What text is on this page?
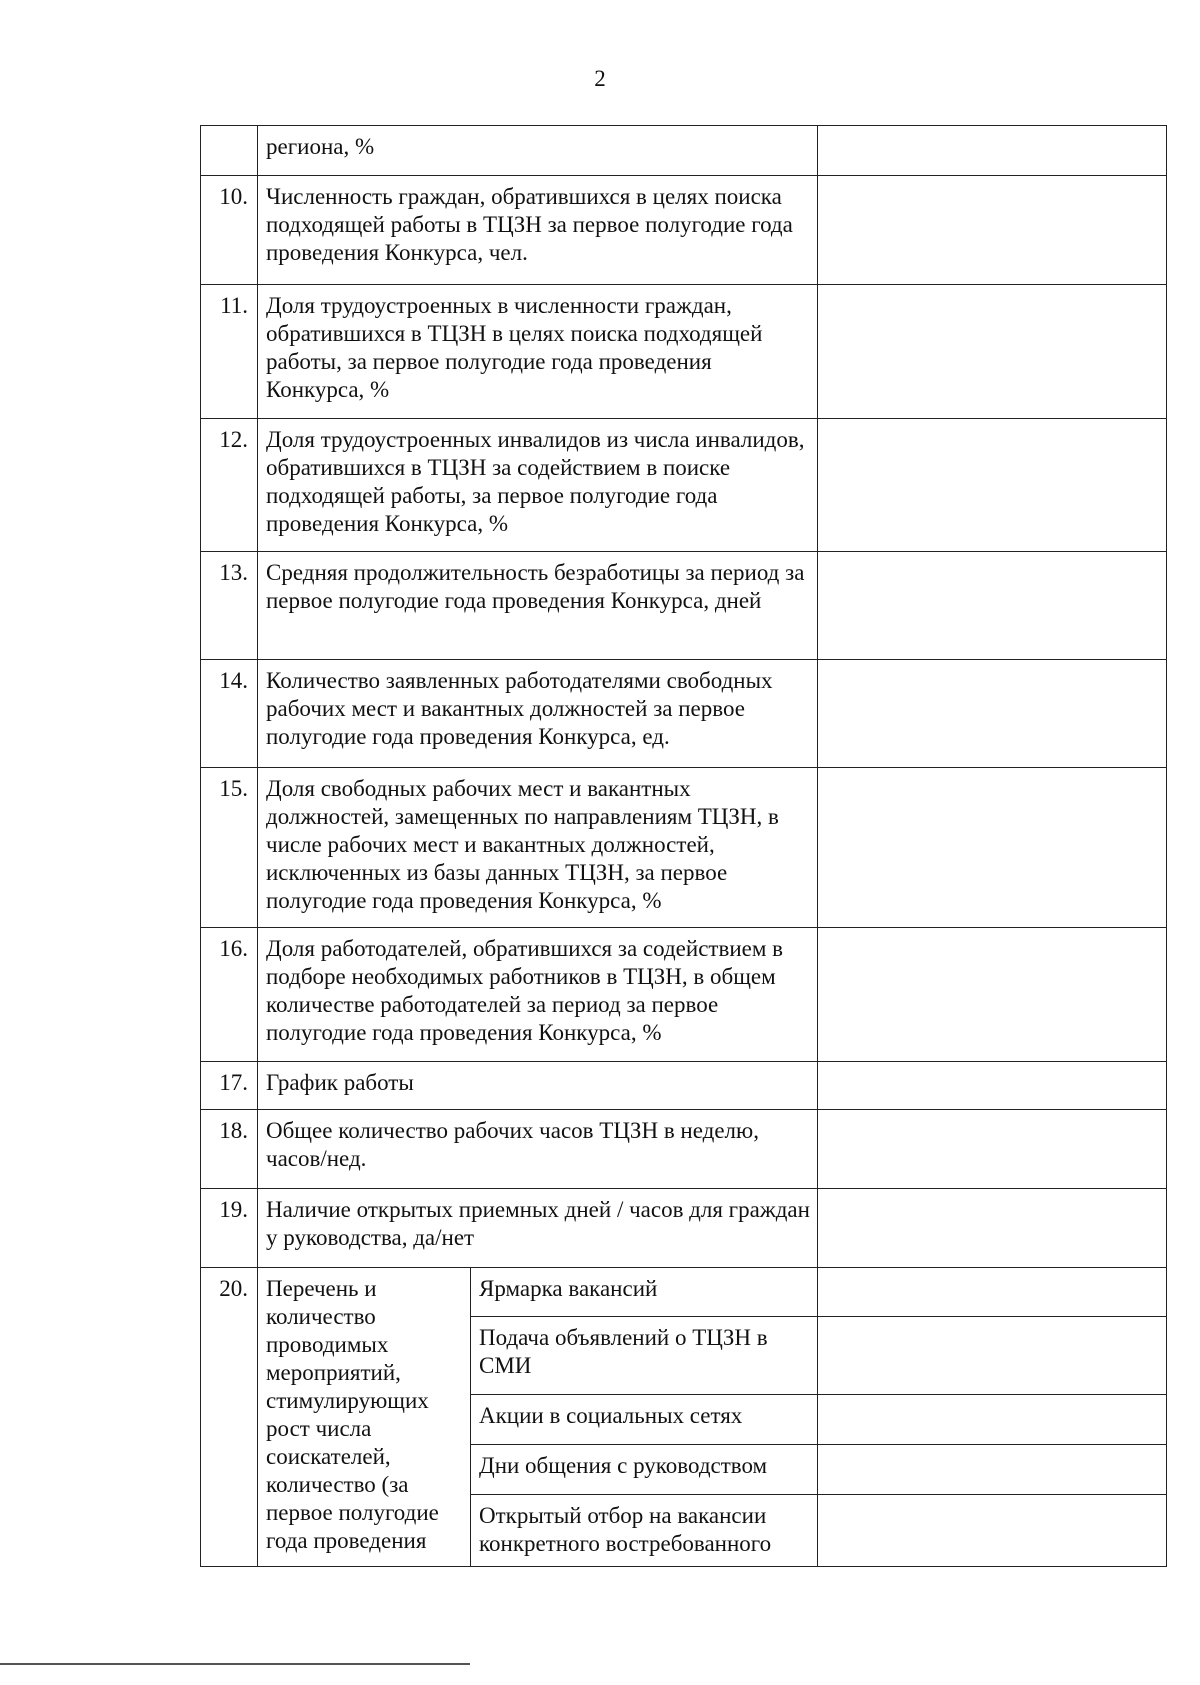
2
	региона, %		
10.	Численность граждан, обратившихся в целях поиска подходящей работы в ТЦЗН за первое полугодие года проведения Конкурса, чел.		
11.	Доля трудоустроенных в численности граждан, обратившихся в ТЦЗН в целях поиска подходящей работы, за первое полугодие года проведения Конкурса, %		
12.	Доля трудоустроенных инвалидов из числа инвалидов, обратившихся в ТЦЗН за содействием в поиске подходящей работы, за первое полугодие года проведения Конкурса, %		
13.	Средняя продолжительность безработицы за период за первое полугодие года проведения Конкурса, дней		
14.	Количество заявленных работодателями свободных рабочих мест и вакантных должностей за первое полугодие года проведения Конкурса, ед.		
15.	Доля свободных рабочих мест и вакантных должностей, замещенных по направлениям ТЦЗН, в числе рабочих мест и вакантных должностей, исключенных из базы данных ТЦЗН, за первое полугодие года проведения Конкурса, %		
16.	Доля работодателей, обратившихся за содействием в подборе необходимых работников в ТЦЗН, в общем количестве работодателей за период за первое полугодие года проведения Конкурса, %		
17.	График работы		
18.	Общее количество рабочих часов ТЦЗН в неделю, часов/нед.		
19.	Наличие открытых приемных дней / часов для граждан у руководства, да/нет		
20.	Перечень и количество проводимых мероприятий, стимулирующих рост числа соискателей, количество (за первое полугодие года проведения	Ярмарка вакансий	
		Подача объявлений о ТЦЗН в СМИ	
		Акции в социальных сетях	
		Дни общения с руководством	
		Открытый отбор на вакансии конкретного востребованного	
